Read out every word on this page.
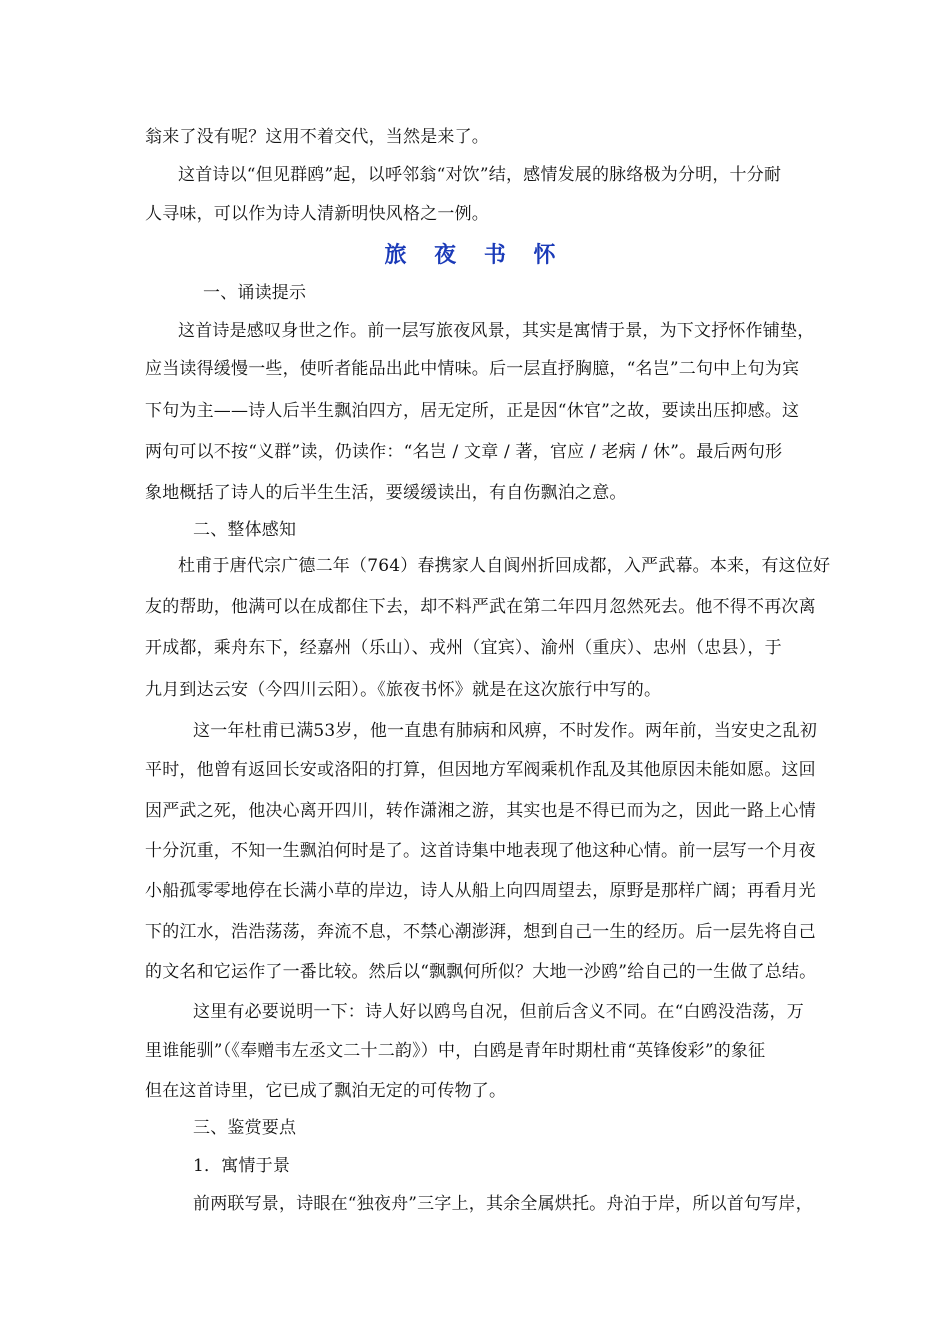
翁来了没有呢？这用不着交代，当然是来了。
这首诗以“但见群鸥”起，以呼邻翁“对饮”结，感情发展的脉络极为分明，十分耐
人寻味，可以作为诗人清新明快风格之一例。
旅 夜 书 怀
一、诵读提示
这首诗是感叹身世之作。前一层写旅夜风景，其实是寓情于景，为下文抒怀作铺垫，
应当读得缓慢一些，使听者能品出此中情味。后一层直抒胸臆，“名岂”二句中上句为宾
下句为主——诗人后半生飘泊四方，居无定所，正是因“休官”之故，要读出压抑感。这
两句可以不按“义群”读，仍读作：“名岂 / 文章 / 著，官应 / 老病 / 休”。最后两句形
象地概括了诗人的后半生生活，要缓缓读出，有自伤飘泊之意。
二、整体感知
杜甫于唐代宗广德二年（764）春携家人自阆州折回成都，入严武幕。本来，有这位好
友的帮助，他满可以在成都住下去，却不料严武在第二年四月忽然死去。他不得不再次离
开成都，乘舟东下，经嘉州（乐山）、戎州（宜宾）、渝州（重庆）、忠州（忠县），于
九月到达云安（今四川云阳）。《旅夜书怀》就是在这次旅行中写的。
这一年杜甫已满53岁，他一直患有肺病和风痹，不时发作。两年前，当安史之乱初
平时，他曾有返回长安或洛阳的打算，但因地方军阀乘机作乱及其他原因未能如愿。这回
因严武之死，他决心离开四川，转作潇湘之游，其实也是不得已而为之，因此一路上心情
十分沉重，不知一生飘泊何时是了。这首诗集中地表现了他这种心情。前一层写一个月夜
小船孤零零地停在长满小草的岸边，诗人从船上向四周望去，原野是那样广阔；再看月光
下的江水，浩浩荡荡，奔流不息，不禁心潮澎湃，想到自己一生的经历。后一层先将自己
的文名和它运作了一番比较。然后以“飘飘何所似？大地一沙鸥”给自己的一生做了总结。
这里有必要说明一下：诗人好以鸥鸟自况，但前后含义不同。在“白鸥没浩荡，万
里谁能驯”（《奉赠韦左丞文二十二韵》）中，白鸥是青年时期杜甫“英锋俊彩”的象征
但在这首诗里，它已成了飘泊无定的可传物了。
三、鉴赏要点
1．寓情于景
前两联写景，诗眼在“独夜舟”三字上，其余全属烘托。舟泊于岸，所以首句写岸，
